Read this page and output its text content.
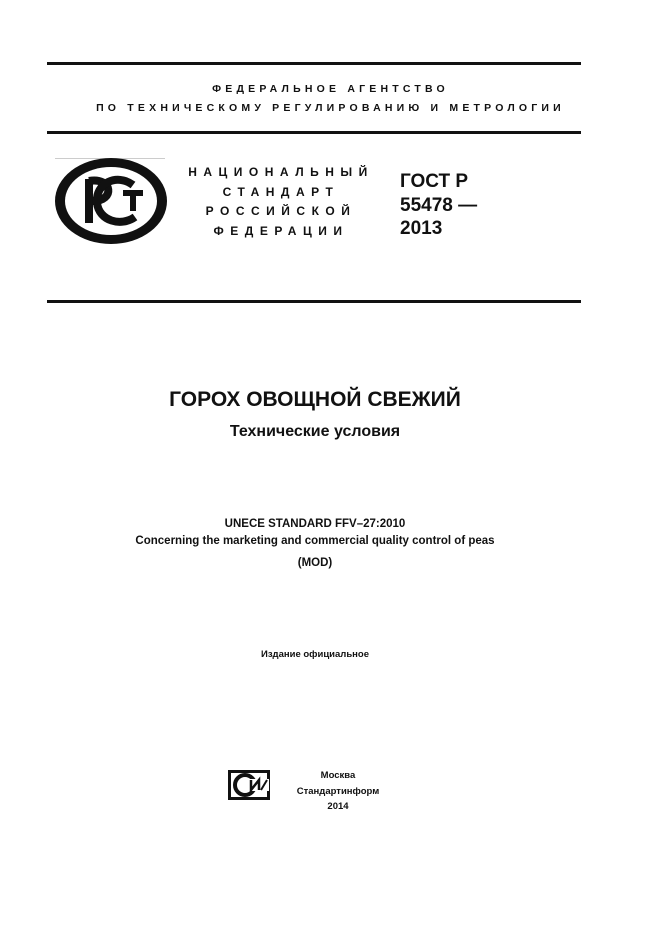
ФЕДЕРАЛЬНОЕ АГЕНТСТВО
ПО ТЕХНИЧЕСКОМУ РЕГУЛИРОВАНИЮ И МЕТРОЛОГИИ
НАЦИОНАЛЬНЫЙ
СТАНДАРТ
РОССИЙСКОЙ
ФЕДЕРАЦИИ
ГОСТ Р
55478 —
2013
ГОРОХ ОВОЩНОЙ СВЕЖИЙ
Технические условия
UNECE STANDARD FFV–27:2010
Concerning the marketing and commercial quality control of peas
(MOD)
Издание официальное
Москва
Стандартинформ
2014
